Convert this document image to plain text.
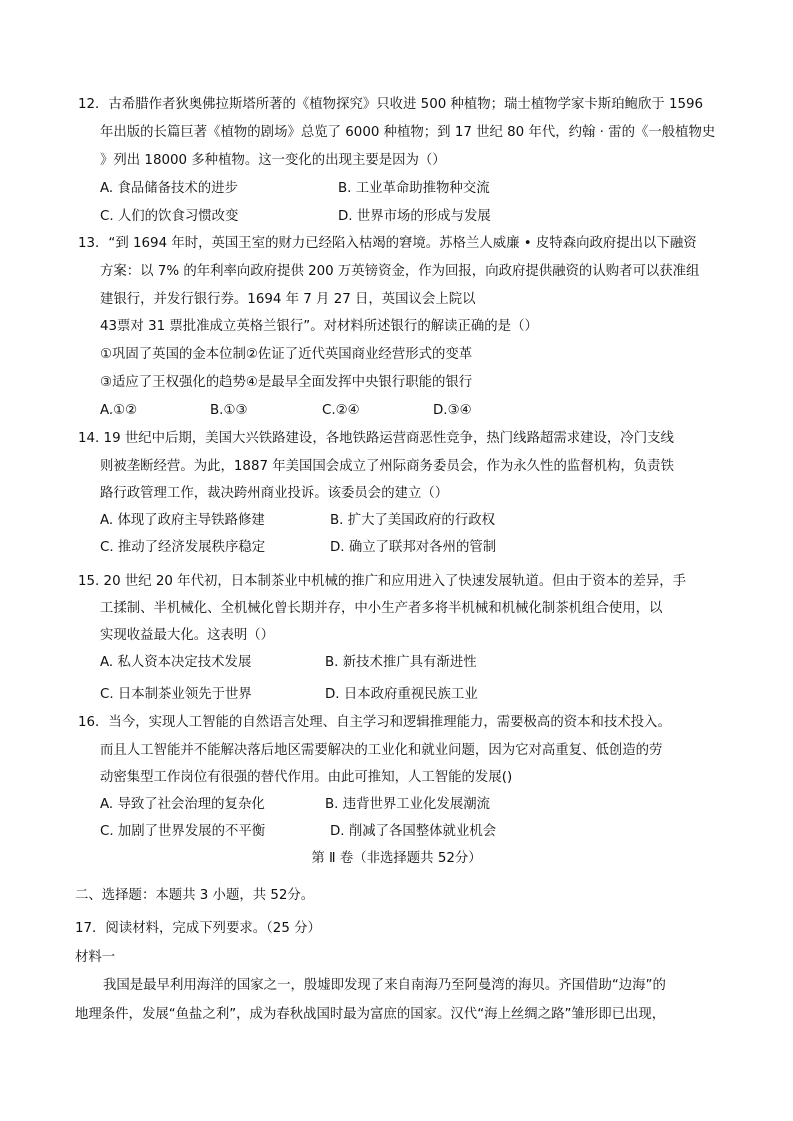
12．古希腊作者狄奥佛拉斯塔所著的《植物探究》只收进 500 种植物；瑞士植物学家卡斯珀鲍欣于 1596
年出版的长篇巨著《植物的剧场》总览了 6000 种植物；到 17 世纪 80 年代，约翰 · 雷的《一般植物史
》列出 18000 多种植物。这一变化的出现主要是因为（）
A. 食品储备技术的进步	B. 工业革命助推物种交流
C. 人们的饮食习惯改变	D. 世界市场的形成与发展
13．“到 1694 年时，英国王室的财力已经陷入枯竭的窘境。苏格兰人威廉 • 皮特森向政府提出以下融资
方案：以 7% 的年利率向政府提供 200 万英镑资金，作为回报，向政府提供融资的认购者可以获准组
建银行，并发行银行券。1694 年 7 月 27 日，英国议会上院以
43票对 31 票批准成立英格兰银行”。对材料所述银行的解读正确的是（）
①巩固了英国的金本位制②佐证了近代英国商业经营形式的变革
③适应了王权强化的趋势④是最早全面发挥中央银行职能的银行
A.①②	B.①③	C.②④	D.③④
14. 19 世纪中后期，美国大兴铁路建设，各地铁路运营商恶性竞争，热门线路超需求建设，冷门支线
则被垄断经营。为此，1887 年美国国会成立了州际商务委员会，作为永久性的监督机构，负责铁
路行政管理工作，裁决跨州商业投诉。该委员会的建立（）
A. 体现了政府主导铁路修建	B. 扩大了美国政府的行政权
C. 推动了经济发展秩序稳定	D. 确立了联邦对各州的管制
15. 20 世纪 20 年代初，日本制茶业中机械的推广和应用进入了快速发展轨道。但由于资本的差异，手
工揉制、半机械化、全机械化曾长期并存，中小生产者多将半机械和机械化制茶机组合使用，以
实现收益最大化。这表明（）
A. 私人资本决定技术发展	B. 新技术推广具有渐进性
C. 日本制茶业领先于世界	D. 日本政府重视民族工业
16．当今，实现人工智能的自然语言处理、自主学习和逻辑推理能力，需要极高的资本和技术投入。
而且人工智能并不能解决落后地区需要解决的工业化和就业问题，因为它对高重复、低创造的劳
动密集型工作岗位有很强的替代作用。由此可推知，人工智能的发展()
A. 导致了社会治理的复杂化	B. 违背世界工业化发展潮流
C. 加剧了世界发展的不平衡	D. 削减了各国整体就业机会
第 Ⅱ 卷（非选择题共 52分）
二、选择题：本题共 3 小题，共 52分。
17．阅读材料，完成下列要求。（25 分）
材料一
我国是最早利用海洋的国家之一，殷墟即发现了来自南海乃至阿曼湾的海贝。齐国借助“边海”的
地理条件，发展“鱼盐之利”，成为春秋战国时最为富庶的国家。汉代“海上丝绸之路”雏形即已出现，
